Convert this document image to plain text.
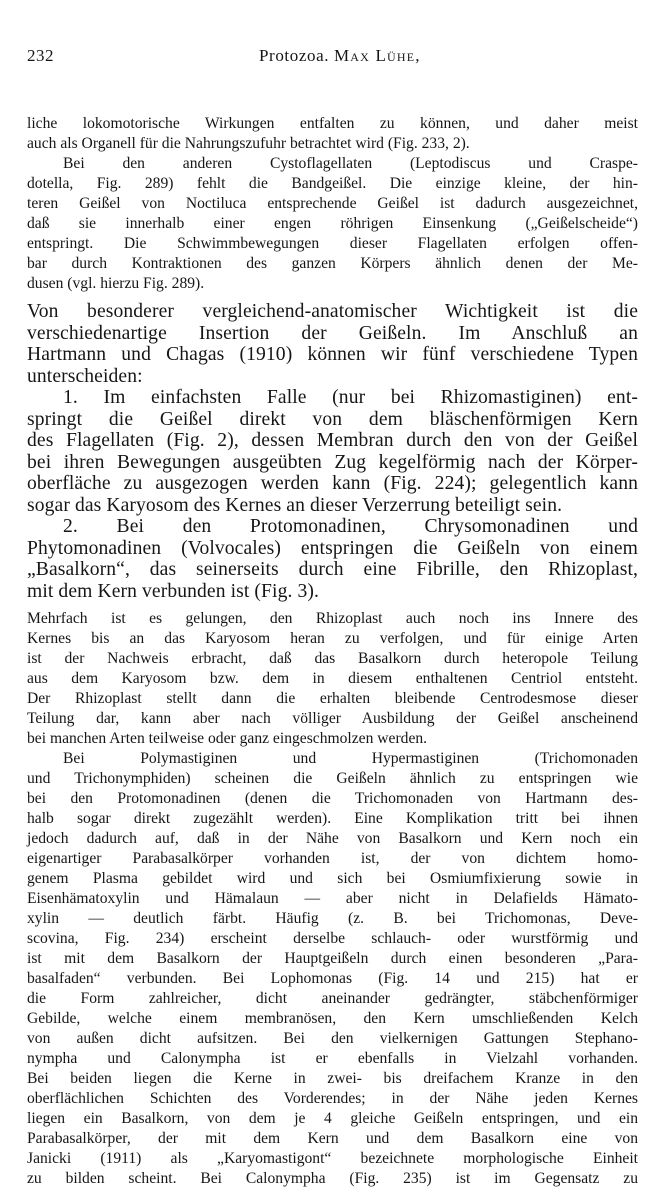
232	Protozoa. Max Lühe,

liche lokomotorische Wirkungen entfalten zu können, und daher meist

auch als Organell für die Nahrungszufuhr betrachtet wird (Fig. 233, 2).

Bei den anderen Cystoflagellaten (Leptodiscus und Craspe-

dotella, Fig. 289) fehlt die Bandgeißel. Die einzige kleine, der hin-

teren Geißel von Noctiluca entsprechende Geißel ist dadurch ausgezeichnet,

daß sie innerhalb einer engen röhrigen Einsenkung („Geißelscheide“)

entspringt. Die Schwimmbewegungen dieser Flagellaten erfolgen offen-

bar durch Kontraktionen des ganzen Körpers ähnlich denen der Me-

dusen (vgl. hierzu Fig. 289).

Von besonderer vergleichend-anatomischer Wichtigkeit ist die

verschiedenartige Insertion der Geißeln. Im Anschluß an

Hartmann und Chagas (1910) können wir fünf verschiedene Typen

unterscheiden:

1. Im einfachsten Falle (nur bei Rhizomastiginen) ent-

springt die Geißel direkt von dem bläschenförmigen Kern

des Flagellaten (Fig. 2), dessen Membran durch den von der Geißel

bei ihren Bewegungen ausgeübten Zug kegelförmig nach der Körper-

oberfläche zu ausgezogen werden kann (Fig. 224); gelegentlich kann

sogar das Karyosom des Kernes an dieser Verzerrung beteiligt sein.

2. Bei den Protomonadinen, Chrysomonadinen und

Phytomonadinen (Volvocales) entspringen die Geißeln von einem

„Basalkorn“, das seinerseits durch eine Fibrille, den Rhizoplast,

mit dem Kern verbunden ist (Fig. 3).

Mehrfach ist es gelungen, den Rhizoplast auch noch ins Innere des

Kernes bis an das Karyosom heran zu verfolgen, und für einige Arten

ist der Nachweis erbracht, daß das Basalkorn durch heteropole Teilung

aus dem Karyosom bzw. dem in diesem enthaltenen Centriol entsteht.

Der Rhizoplast stellt dann die erhalten bleibende Centrodesmose dieser

Teilung dar, kann aber nach völliger Ausbildung der Geißel anscheinend

bei manchen Arten teilweise oder ganz eingeschmolzen werden.

Bei Polymastiginen und Hypermastiginen (Trichomonaden

und Trichonymphiden) scheinen die Geißeln ähnlich zu entspringen wie

bei den Protomonadinen (denen die Trichomonaden von Hartmann des-

halb sogar direkt zugezählt werden). Eine Komplikation tritt bei ihnen

jedoch dadurch auf, daß in der Nähe von Basalkorn und Kern noch ein

eigenartiger Parabasalkörper vorhanden ist, der von dichtem homo-

genem Plasma gebildet wird und sich bei Osmiumfixierung sowie in

Eisenhämatoxylin und Hämalaun — aber nicht in Delafields Hämato-

xylin — deutlich färbt. Häufig (z. B. bei Trichomonas, Deve-

scovina, Fig. 234) erscheint derselbe schlauch- oder wurstförmig und

ist mit dem Basalkorn der Hauptgeißeln durch einen besonderen „Para-

basalfaden“ verbunden. Bei Lophomonas (Fig. 14 und 215) hat er

die Form zahlreicher, dicht aneinander gedrängter, stäbchenförmiger

Gebilde, welche einem membranösen, den Kern umschließenden Kelch

von außen dicht aufsitzen. Bei den vielkernigen Gattungen Stephano-

nympha und Calonympha ist er ebenfalls in Vielzahl vorhanden.

Bei beiden liegen die Kerne in zwei- bis dreifachem Kranze in den

oberflächlichen Schichten des Vorderendes; in der Nähe jeden Kernes

liegen ein Basalkorn, von dem je 4 gleiche Geißeln entspringen, und ein

Parabasalkörper, der mit dem Kern und dem Basalkorn eine von

Janicki (1911) als „Karyomastigont“ bezeichnete morphologische Einheit

zu bilden scheint. Bei Calonympha (Fig. 235) ist im Gegensatz zu
